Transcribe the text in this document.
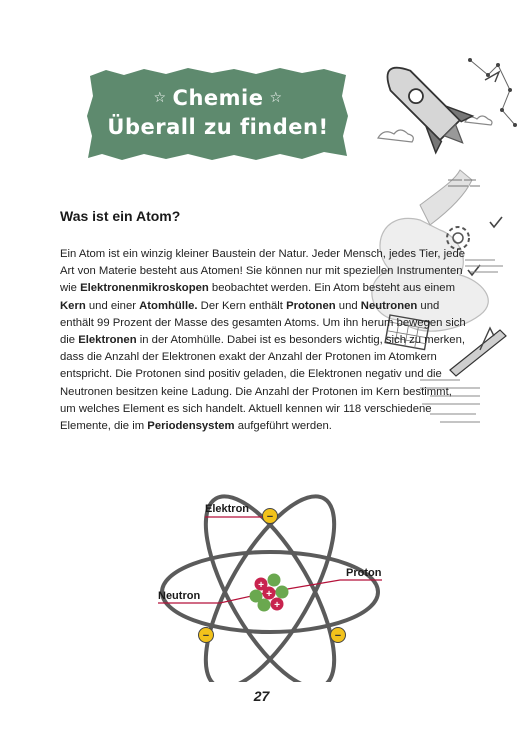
☆ Chemie ☆
Überall zu finden!
Was ist ein Atom?
Ein Atom ist ein winzig kleiner Baustein der Natur. Jeder Mensch, jedes Tier, jede Art von Materie besteht aus Atomen! Sie können nur mit speziellen Instrumenten wie Elektronenmikroskopen beobachtet werden. Ein Atom besteht aus einem Kern und einer Atomhülle. Der Kern enthält Protonen und Neutronen und enthält 99 Prozent der Masse des gesamten Atoms. Um ihn herum bewegen sich die Elektronen in der Atomhülle. Dabei ist es besonders wichtig, sich zu merken, dass die Anzahl der Elektronen exakt der Anzahl der Protonen im Atomkern entspricht. Die Protonen sind positiv geladen, die Elektronen negativ und die Neutronen besitzen keine Ladung. Die Anzahl der Protonen im Kern bestimmt, um welches Element es sich handelt. Aktuell kennen wir 118 verschiedene Elemente, die im Periodensystem aufgeführt werden.
+
+
+
−
−	−
Elektron
Proton
Neutron
27
